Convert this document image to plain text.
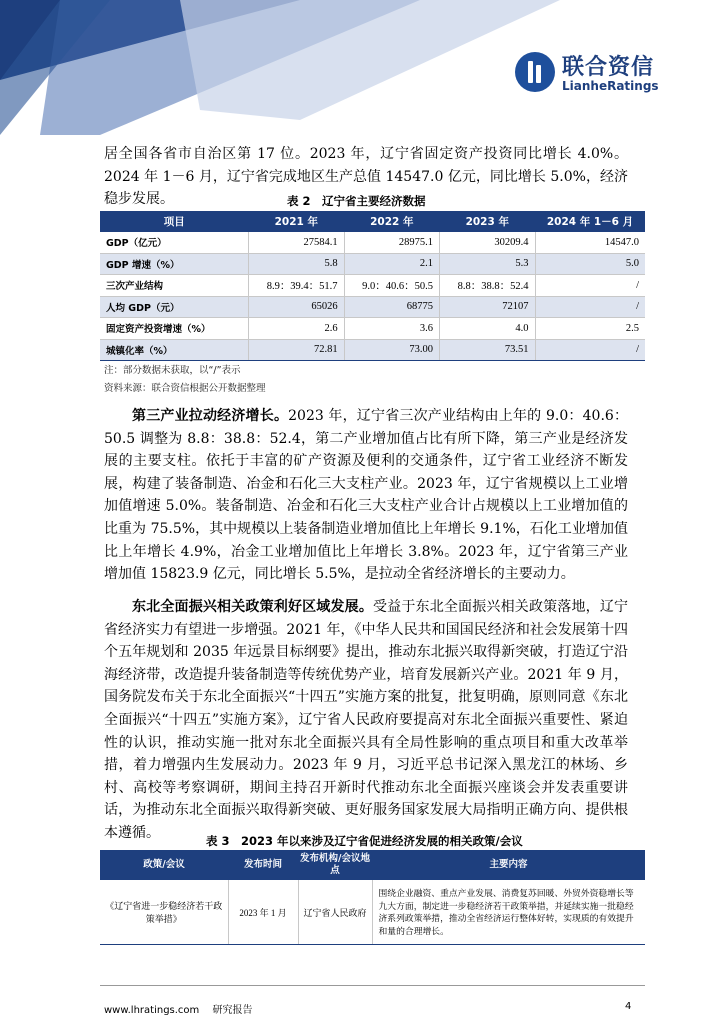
联合资信
LianheRatings

居全国各省市自治区第 17 位。2023 年，辽宁省固定资产投资同比增长 4.0%。2024 年 1－6 月，辽宁省完成地区生产总值 14547.0 亿元，同比增长 5.0%，经济稳步发展。	表 2　辽宁省主要经济数据
项目	2021 年	2022 年	2023 年	2024 年 1－6 月
GDP（亿元）	27584.1	28975.1	30209.4	14547.0
GDP 增速（%）	5.8	2.1	5.3	5.0
三次产业结构	8.9：39.4：51.7	9.0：40.6：50.5	8.8：38.8：52.4	/
人均 GDP（元）	65026	68775	72107	/
固定资产投资增速（%）	2.6	3.6	4.0	2.5
城镇化率（%）	72.81	73.00	73.51	/
注：部分数据未获取，以“/”表示
资料来源：联合资信根据公开数据整理

第三产业拉动经济增长。2023 年，辽宁省三次产业结构由上年的 9.0：40.6：50.5 调整为 8.8：38.8：52.4，第二产业增加值占比有所下降，第三产业是经济发展的主要支柱。依托于丰富的矿产资源及便利的交通条件，辽宁省工业经济不断发展，构建了装备制造、冶金和石化三大支柱产业。2023 年，辽宁省规模以上工业增加值增速 5.0%。装备制造、冶金和石化三大支柱产业合计占规模以上工业增加值的比重为 75.5%，其中规模以上装备制造业增加值比上年增长 9.1%，石化工业增加值比上年增长 4.9%，冶金工业增加值比上年增长 3.8%。2023 年，辽宁省第三产业增加值 15823.9 亿元，同比增长 5.5%，是拉动全省经济增长的主要动力。

东北全面振兴相关政策利好区域发展。受益于东北全面振兴相关政策落地，辽宁省经济实力有望进一步增强。2021 年，《中华人民共和国国民经济和社会发展第十四个五年规划和 2035 年远景目标纲要》提出，推动东北振兴取得新突破，打造辽宁沿海经济带，改造提升装备制造等传统优势产业，培育发展新兴产业。2021 年 9 月，国务院发布关于东北全面振兴“十四五”实施方案的批复，批复明确，原则同意《东北全面振兴“十四五”实施方案》，辽宁省人民政府要提高对东北全面振兴重要性、紧迫性的认识，推动实施一批对东北全面振兴具有全局性影响的重点项目和重大改革举措，着力增强内生发展动力。2023 年 9 月，习近平总书记深入黑龙江的林场、乡村、高校等考察调研，期间主持召开新时代推动东北全面振兴座谈会并发表重要讲话，为推动东北全面振兴取得新突破、更好服务国家发展大局指明正确方向、提供根本遵循。

表 3　2023 年以来涉及辽宁省促进经济发展的相关政策/会议
政策/会议	发布时间	发布机构/会议地点	主要内容
《辽宁省进一步稳经济若干政策举措》	2023 年 1 月	辽宁省人民政府	围绕企业融资、重点产业发展、消费复苏回暖、外贸外资稳增长等九大方面，制定进一步稳经济若干政策举措，并延续实施一批稳经济系列政策举措，推动全省经济运行整体好转，实现质的有效提升和量的合理增长。
www.lhratings.com　 研究报告	4
